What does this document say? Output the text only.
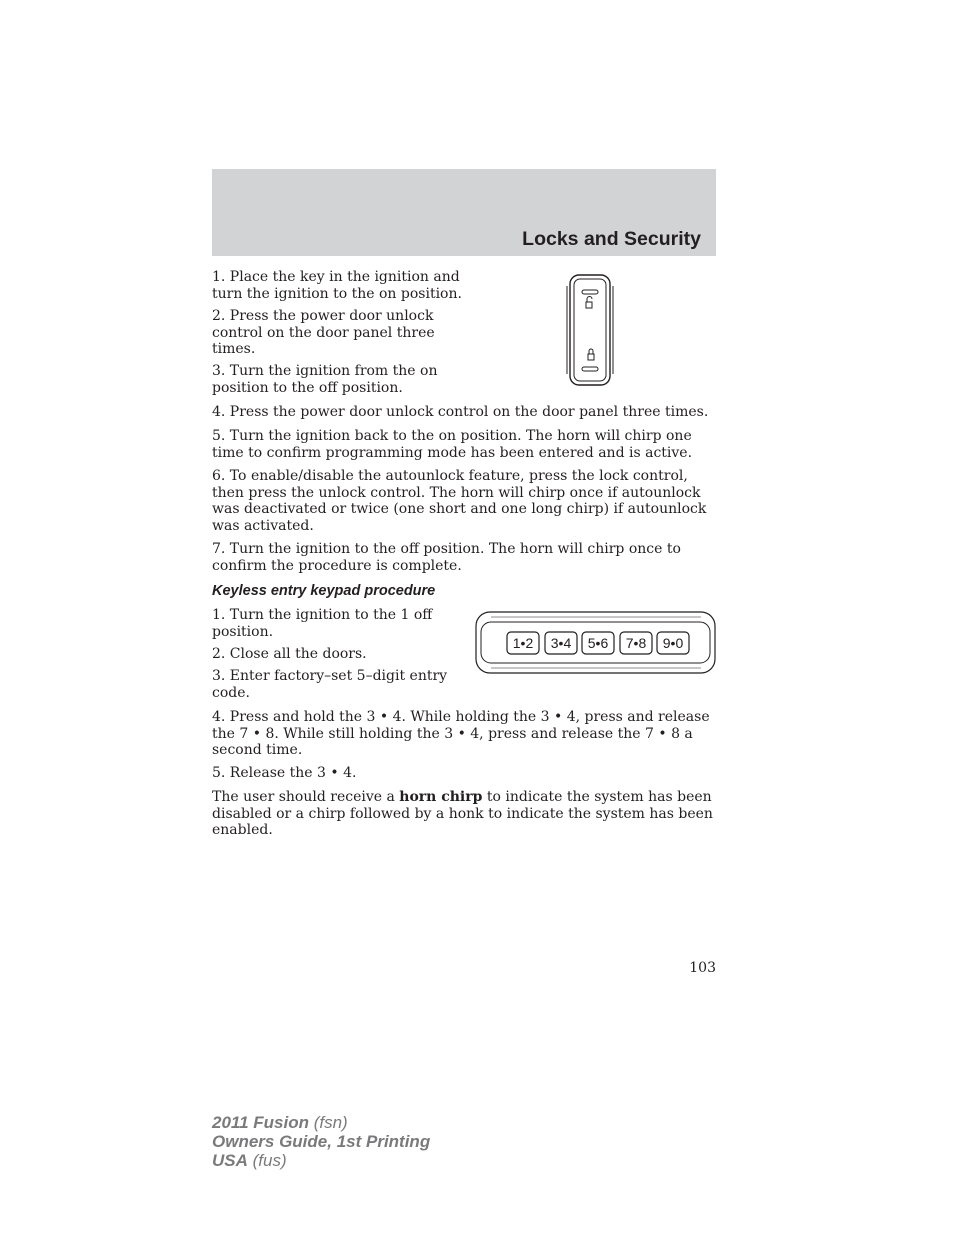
Locks and Security

1. Place the key in the ignition and turn the ignition to the on position.

2. Press the power door unlock control on the door panel three times.

3. Turn the ignition from the on position to the off position.

4. Press the power door unlock control on the door panel three times.

5. Turn the ignition back to the on position. The horn will chirp one time to confirm programming mode has been entered and is active.

6. To enable/disable the autounlock feature, press the lock control, then press the unlock control. The horn will chirp once if autounlock was deactivated or twice (one short and one long chirp) if autounlock was activated.

7. Turn the ignition to the off position. The horn will chirp once to confirm the procedure is complete.

Keyless entry keypad procedure

1. Turn the ignition to the 1 off position.

2. Close all the doors.

3. Enter factory–set 5–digit entry code.

1•2 3•4 5•6 7•8 9•0

4. Press and hold the 3 • 4. While holding the 3 • 4, press and release the 7 • 8. While still holding the 3 • 4, press and release the 7 • 8 a second time.

5. Release the 3 • 4.

The user should receive a horn chirp to indicate the system has been disabled or a chirp followed by a honk to indicate the system has been enabled.

103
2011 Fusion (fsn)
Owners Guide, 1st Printing
USA (fus)
